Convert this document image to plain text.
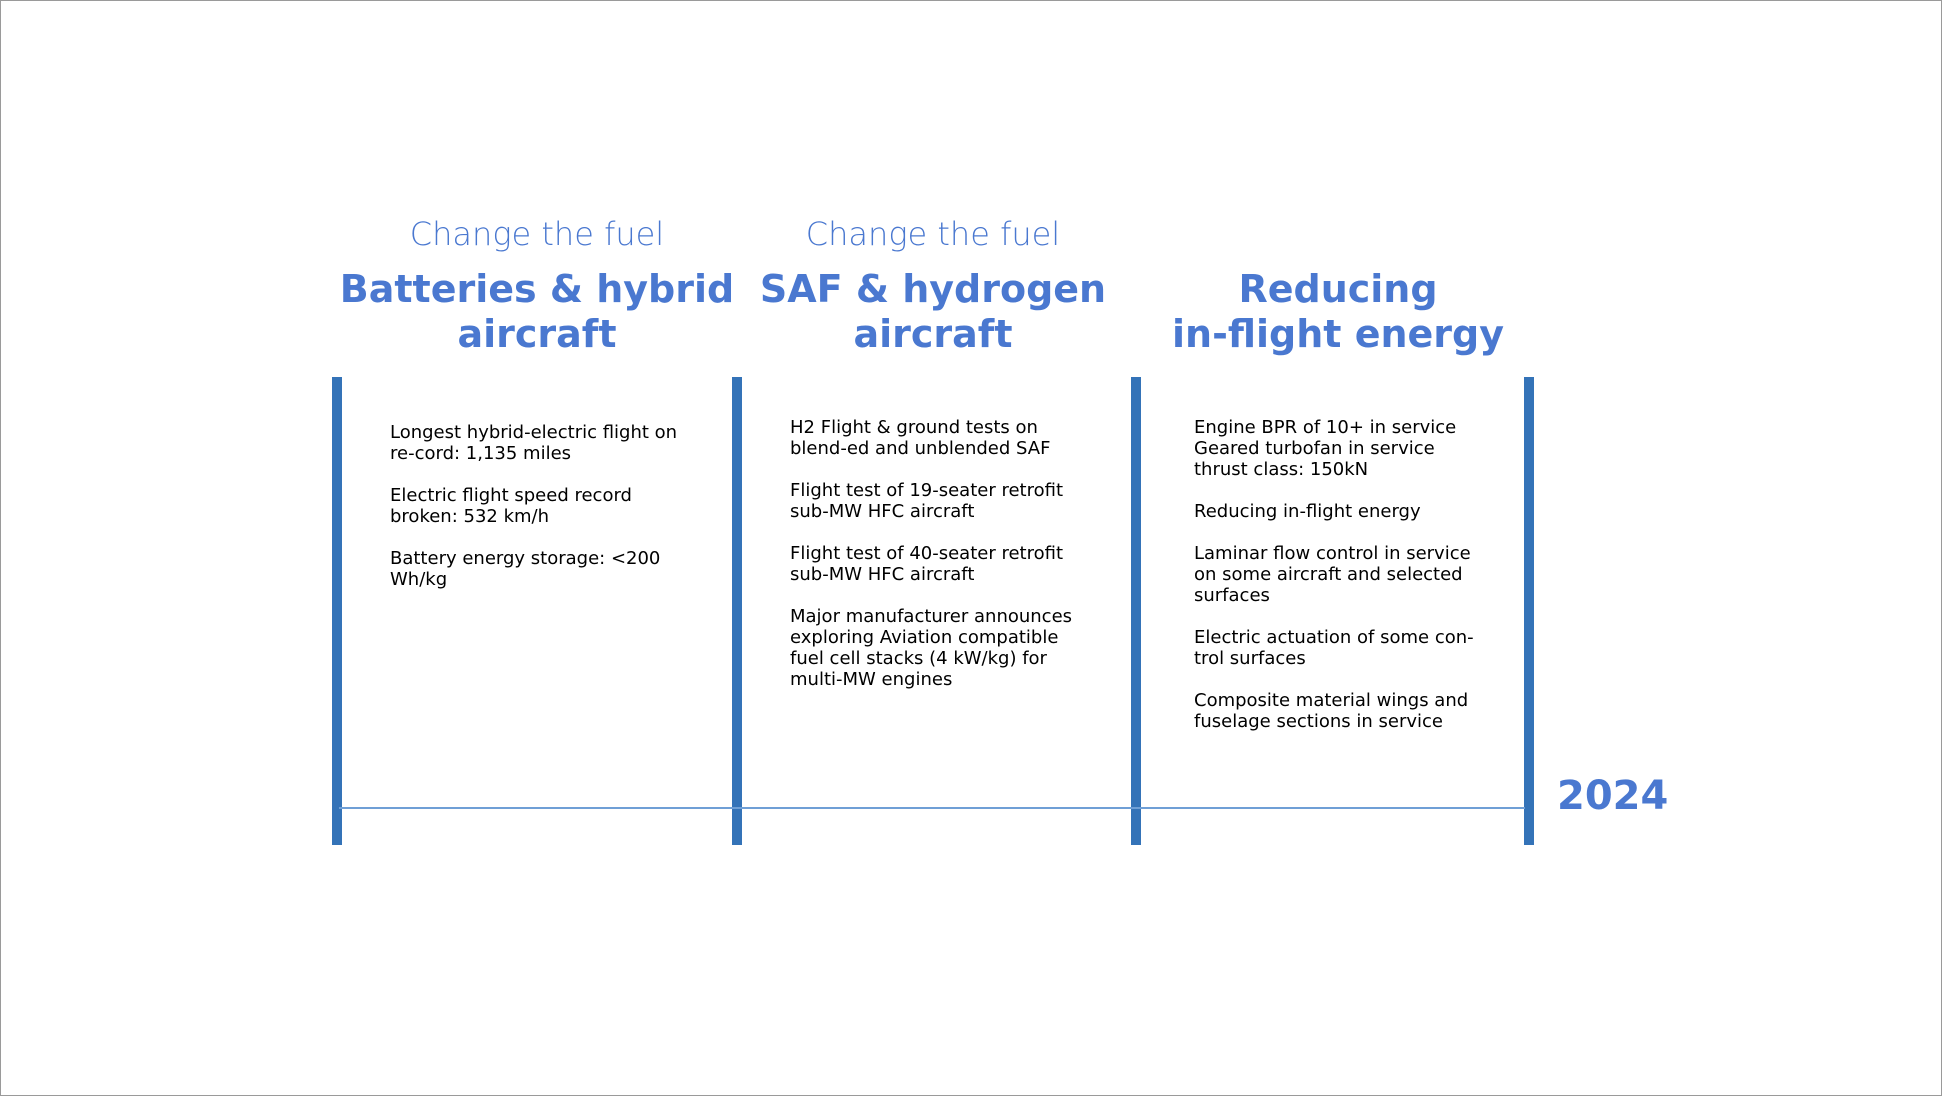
Change the fuel
Batteries & hybrid
aircraft

Longest hybrid-electric flight on re-cord: 1,135 miles

Electric flight speed record broken: 532 km/h

Battery energy storage: <200 Wh/kg

Change the fuel
SAF & hydrogen
aircraft

H2 Flight & ground tests on blend-ed and unblended SAF

Flight test of 19-seater retrofit sub-MW HFC aircraft

Flight test of 40-seater retrofit sub-MW HFC aircraft

Major manufacturer announces exploring Aviation compatible fuel cell stacks (4 kW/kg) for multi-MW engines

Reducing
in-flight energy

Engine BPR of 10+ in service Geared turbofan in service thrust class: 150kN

Reducing in-flight energy

Laminar flow control in service on some aircraft and selected surfaces

Electric actuation of some con-trol surfaces

Composite material wings and fuselage sections in service

2024
